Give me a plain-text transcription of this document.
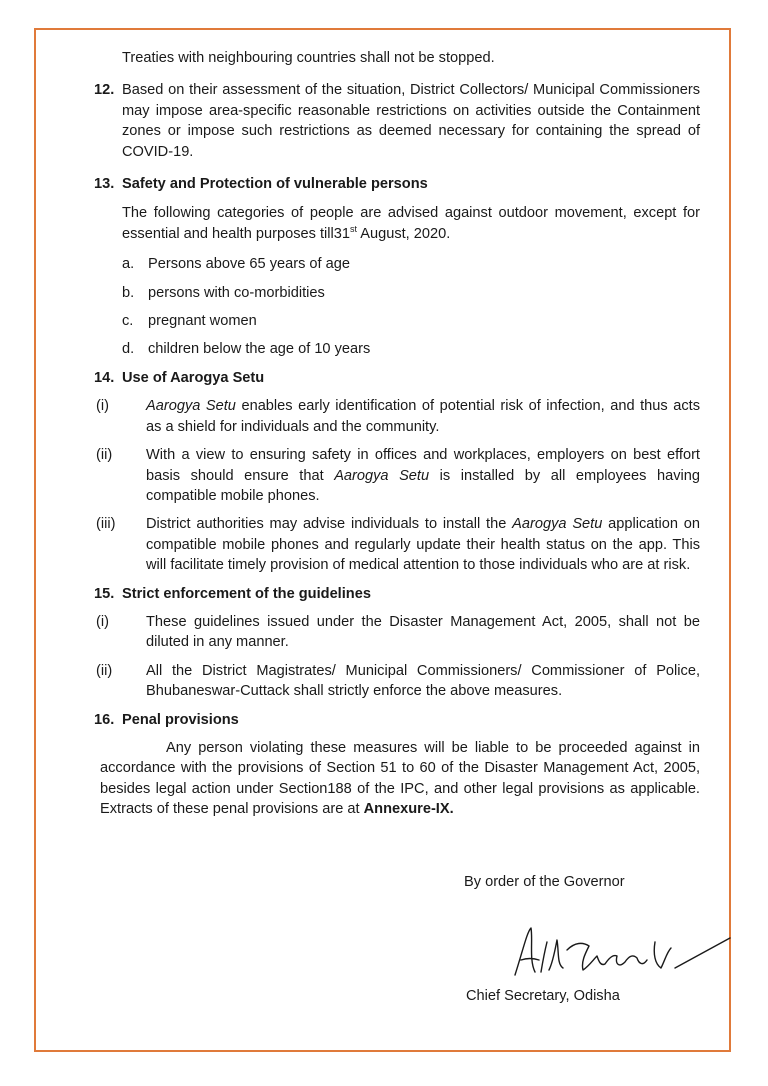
Treaties with neighbouring countries shall not be stopped.

12. Based on their assessment of the situation, District Collectors/ Municipal Commissioners may impose area-specific reasonable restrictions on activities outside the Containment zones or impose such restrictions as deemed necessary for containing the spread of COVID-19.

13. Safety and Protection of vulnerable persons

The following categories of people are advised against outdoor movement, except for essential and health purposes till31st August, 2020.

a. Persons above 65 years of age
b. persons with co-morbidities
c.	pregnant women
d. children below the age of 10 years
14. Use of Aarogya Setu
(i)	Aarogya Setu enables early identification of potential risk of infection, and thus acts as a shield for individuals and the community.

(ii)	With a view to ensuring safety in offices and workplaces, employers on best effort basis should ensure that Aarogya Setu is installed by all employees having compatible mobile phones.

(iii)	District authorities may advise individuals to install the Aarogya Setu application on compatible mobile phones and regularly update their health status on the app. This will facilitate timely provision of medical attention to those individuals who are at risk.

15. Strict enforcement of the guidelines
(i)	These guidelines issued under the Disaster Management Act, 2005, shall not be diluted in any manner.

(ii)	All the District Magistrates/ Municipal Commissioners/ Commissioner of Police, Bhubaneswar-Cuttack shall strictly enforce the above measures.

16. Penal provisions

Any person violating these measures will be liable to be proceeded against in accordance with the provisions of Section 51 to 60 of the Disaster Management Act, 2005, besides legal action under Section188 of the IPC, and other legal provisions as applicable. Extracts of these penal provisions are at Annexure-IX.

By order of the Governor
Chief Secretary, Odisha
